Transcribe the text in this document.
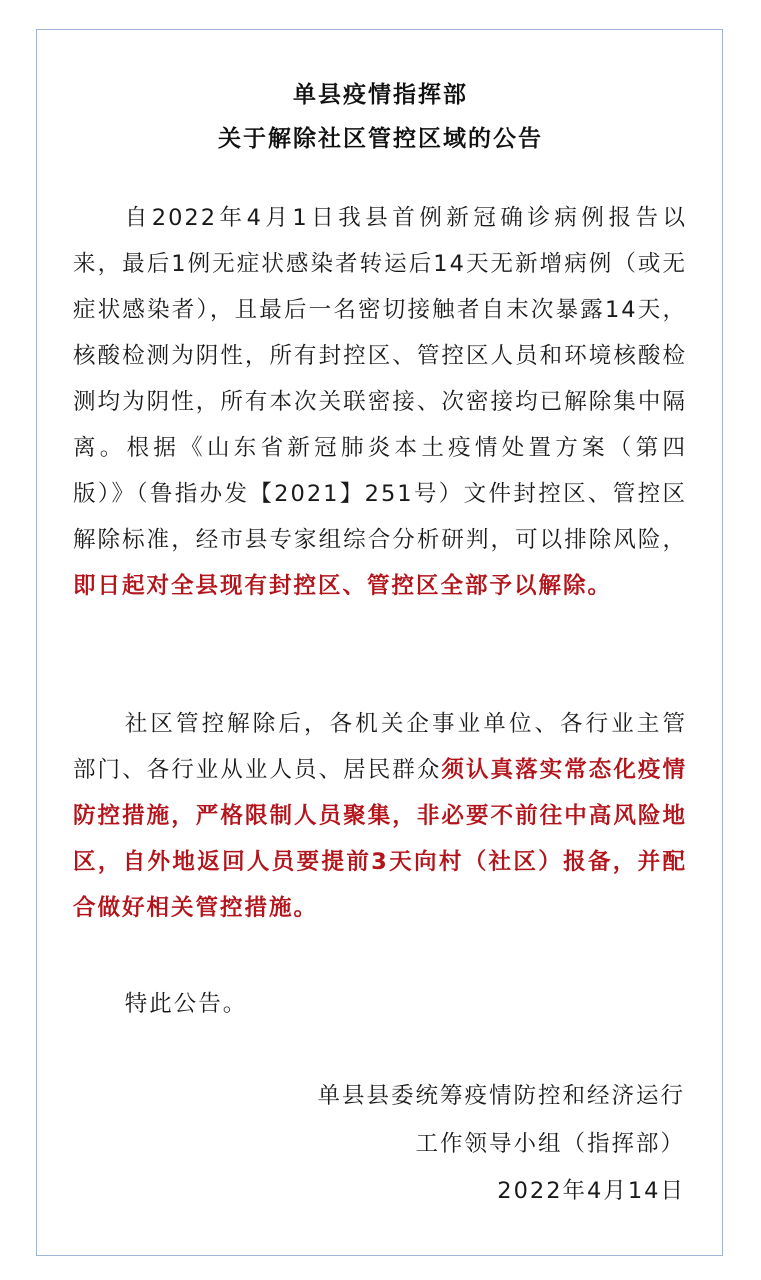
单县疫情指挥部
关于解除社区管控区域的公告
自2022年4月1日我县首例新冠确诊病例报告以来，最后1例无症状感染者转运后14天无新增病例（或无症状感染者），且最后一名密切接触者自末次暴露14天，核酸检测为阴性，所有封控区、管控区人员和环境核酸检测均为阴性，所有本次关联密接、次密接均已解除集中隔离。根据《山东省新冠肺炎本土疫情处置方案（第四版）》（鲁指办发【2021】251号）文件封控区、管控区解除标准，经市县专家组综合分析研判，可以排除风险，即日起对全县现有封控区、管控区全部予以解除。
社区管控解除后，各机关企事业单位、各行业主管部门、各行业从业人员、居民群众须认真落实常态化疫情防控措施，严格限制人员聚集，非必要不前往中高风险地区，自外地返回人员要提前3天向村（社区）报备，并配合做好相关管控措施。
特此公告。
单县县委统筹疫情防控和经济运行
工作领导小组（指挥部）
2022年4月14日
